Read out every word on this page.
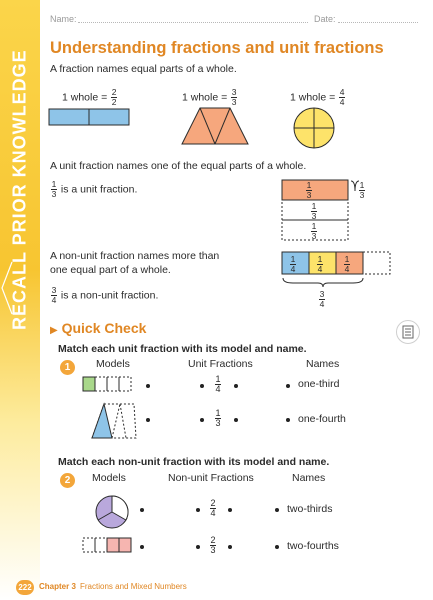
RECALL PRIOR KNOWLEDGE
Name:	Date:
Understanding fractions and unit fractions
A fraction names equal parts of a whole.
1 whole = $\frac{2}{2}$	1 whole = $\frac{3}{3}$	1 whole = $\frac{4}{4}$
A unit fraction names one of the equal parts of a whole.
$\frac{1}{3}$ is a unit fraction.	$\frac{1}{3}$	$\frac{1}{3}$
$\frac{1}{3}$
$\frac{1}{3}$
A non-unit fraction names more than
one equal part of a whole.
$\frac{3}{4}$ is a non-unit fraction.
$\frac{1}{4} \frac{1}{4} \frac{1}{4}$
$\frac{3}{4}$
▶ Quick Check
Match each unit fraction with its model and name.
1	Models	Unit Fractions	Names
$\frac{1}{4}$	one-third
$\frac{1}{3}$	one-fourth
Match each non-unit fraction with its model and name.
2	Models	Non-unit Fractions	Names
$\frac{2}{4}$	two-thirds
$\frac{2}{3}$	two-fourths
222 Chapter 3 Fractions and Mixed Numbers
